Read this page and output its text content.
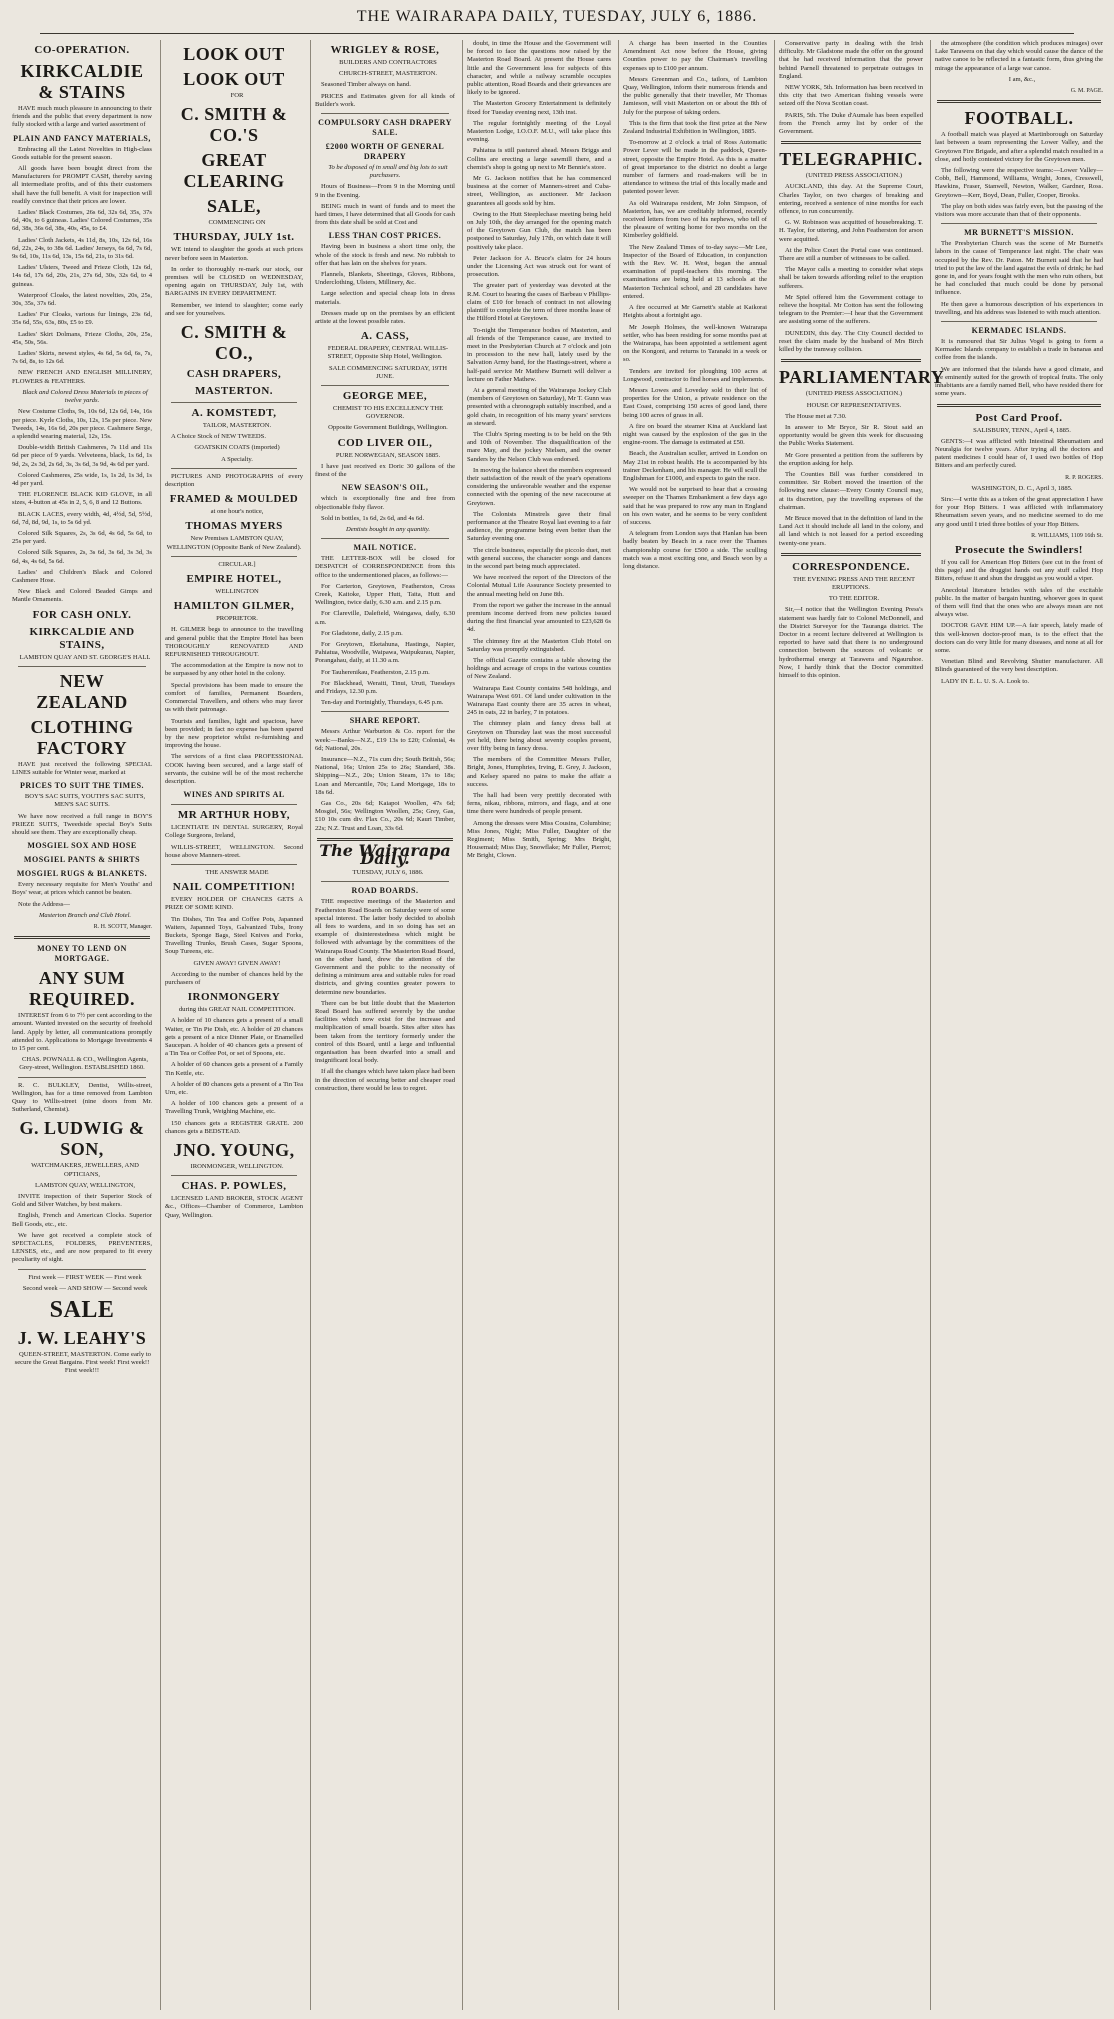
THE WAIRARAPA DAILY, TUESDAY, JULY 6, 1886.
CO-OPERATION.
KIRKCALDIE & STAINS

HAVE much much pleasure in announcing to their friends and the public that every department is now fully stocked with a large and varied assortment of

PLAIN AND FANCY MATERIALS,

Embracing all the Latest Novelties in High-class Goods suitable for the present season.

All goods have been bought direct from the Manufacturers for PROMPT CASH, thereby saving all intermediate profits, and of this their customers shall have the full benefit. A visit for inspection will readily convince that their prices are lower.

Ladies' Black Costumes, 26s 6d, 32s 6d, 35s, 37s 6d, 40s, to 6 guineas. Ladies' Colored Costumes, 35s 6d, 38s, 36s 6d, 38s, 40s, 45s, to £4.

Ladies' Cloth Jackets, 4s 11d, 8s, 10s, 12s 6d, 16s 6d, 22s, 24s, to 38s 6d. Ladies' Jerseys, 6s 6d, 7s 6d, 9s 6d, 10s, 11s 6d, 13s, 15s 6d, 21s, to 31s 6d.

Ladies' Ulsters, Tweed and Frieze Cloth, 12s 6d, 14s 6d, 17s 6d, 20s, 21s, 27s 6d, 30s, 32s 6d, to 4 guineas.

Waterproof Cloaks, the latest novelties, 20s, 25s, 30s, 35s, 37s 6d.

Ladies' Fur Cloaks, various fur linings, 23s 6d, 35s 6d, 55s, 63s, 80s, £5 to £9.

Ladies' Skirt Dolmans, Frieze Cloths, 20s, 25s, 45s, 50s, 56s.

Ladies' Skirts, newest styles, 4s 6d, 5s 6d, 6s, 7s, 7s 6d, 8s, to 12s 6d.

NEW FRENCH AND ENGLISH MILLINERY, FLOWERS & FEATHERS.

Black and Colored Dress Materials in pieces of twelve yards.

New Costume Cloths, 9s, 10s 6d, 12s 6d, 14s, 16s per piece. Kyrle Cloths, 10s, 12s, 15s per piece. New Tweeds, 14s, 16s 6d, 20s per piece. Cashmere Serge, a splendid wearing material, 12s, 15s.

Double-width British Cashmeres, 7s 11d and 11s 6d per piece of 9 yards. Velveteens, black, 1s 6d, 1s 9d, 2s, 2s 3d, 2s 6d, 3s, 3s 6d, 3s 9d, 4s 6d per yard.

Colored Cashmeres, 25s wide, 1s, 1s 2d, 1s 3d, 1s 4d per yard.

THE FLORENCE BLACK KID GLOVE, in all sizes, 4-button at 45s in 2, 5, 6, 8 and 12 Buttons.

BLACK LACES, every width, 4d, 4½d, 5d, 5½d, 6d, 7d, 8d, 9d, 1s, to 5s 6d yd.

Colored Silk Squares, 2s, 3s 6d, 4s 6d, 5s 6d, to 25s per yard.

Colored Silk Squares, 2s, 3s 6d, 3s 6d, 3s 3d, 3s 6d, 4s, 4s 6d, 5s 6d.

Ladies' and Children's Black and Colored Cashmere Hose.

New Black and Colored Beaded Gimps and Mantle Ornaments.

FOR CASH ONLY.
KIRKCALDIE AND STAINS,

LAMBTON QUAY AND ST. GEORGE'S HALL

NEW ZEALAND
CLOTHING FACTORY

HAVE just received the following SPECIAL LINES suitable for Winter wear, marked at

PRICES TO SUIT THE TIMES.

BOY'S SAC SUITS, YOUTH'S SAC SUITS, MEN'S SAC SUITS.

We have now received a full range in BOY'S FRIEZE SUITS, Tweedside special Boy's Suits should see them. They are exceptionally cheap.

MOSGIEL SOX AND HOSE
MOSGIEL PANTS & SHIRTS
MOSGIEL RUGS & BLANKETS.

Every necessary requisite for Men's Youths' and Boys' wear, at prices which cannot be beaten.

Note the Address—

Masterton Branch and Club Hotel.

R. H. SCOTT, Manager.

MONEY TO LEND ON MORTGAGE.
ANY SUM REQUIRED.

INTEREST from 6 to 7½ per cent according to the amount. Wanted invested on the security of freehold land. Apply by letter, all communications promptly attended to. Applications to Mortgage Investments 4 to 15 per cent.

CHAS. POWNALL & CO., Wellington Agents, Grey-street, Wellington. ESTABLISHED 1860.

R. C. BULKLEY, Dentist, Willis-street, Wellington, has for a time removed from Lambton Quay to Willis-street (nine doors from Mr. Sutherland, Chemist).

G. LUDWIG & SON,

WATCHMAKERS, JEWELLERS, AND OPTICIANS,

LAMBTON QUAY, WELLINGTON,

INVITE inspection of their Superior Stock of Gold and Silver Watches, by best makers.

English, French and American Clocks. Superior Bell Goods, etc., etc.

We have got received a complete stock of SPECTACLES, FOLDERS, PREVENTERS, LENSES, etc., and are now prepared to fit every peculiarity of sight.

First week — FIRST WEEK — First week

Second week — AND SHOW — Second week

SALE
J. W. LEAHY'S

QUEEN-STREET, MASTERTON. Come early to secure the Great Bargains. First week! First week!! First week!!!

LOOK OUT
LOOK OUT

FOR

C. SMITH & CO.'S
GREAT CLEARING
SALE,

COMMENCING ON

THURSDAY, JULY 1st.

WE intend to slaughter the goods at such prices never before seen in Masterton.

In order to thoroughly re-mark our stock, our premises will be CLOSED on WEDNESDAY, opening again on THURSDAY, July 1st, with BARGAINS IN EVERY DEPARTMENT.

Remember, we intend to slaughter; come early and see for yourselves.

C. SMITH & CO.,
CASH DRAPERS,
MASTERTON.
A. KOMSTEDT,

TAILOR, MASTERTON.

A Choice Stock of NEW TWEEDS.

GOATSKIN COATS (imported)

A Specialty.

PICTURES AND PHOTOGRAPHS of every description

FRAMED & MOULDED

at one hour's notice,

THOMAS MYERS

New Premises LAMBTON QUAY, WELLINGTON (Opposite Bank of New Zealand).

CIRCULAR.]

EMPIRE HOTEL,

WELLINGTON

HAMILTON GILMER,

PROPRIETOR.

H. GILMER begs to announce to the travelling and general public that the Empire Hotel has been THOROUGHLY RENOVATED AND REFURNISHED THROUGHOUT.

The accommodation at the Empire is now not to be surpassed by any other hotel in the colony.

Special provisions has been made to ensure the comfort of families, Permanent Boarders, Commercial Travellers, and others who may favor us with their patronage.

Tourists and families, light and spacious, have been provided; in fact no expense has been spared by the new proprietor whilst re-furnishing and improving the house.

The services of a first class PROFESSIONAL COOK having been secured, and a large staff of servants, the cuisine will be of the most recherche description.

WINES AND SPIRITS AL
MR ARTHUR HOBY,

LICENTIATE IN DENTAL SURGERY, Royal College Surgeons, Ireland,

WILLIS-STREET, WELLINGTON. Second house above Manners-street.

THE ANSWER MADE

NAIL COMPETITION!

EVERY HOLDER OF CHANCES GETS A PRIZE OF SOME KIND.

Tin Dishes, Tin Tea and Coffee Pots, Japanned Waiters, Japanned Toys, Galvanized Tubs, Irony Buckets, Sponge Bags, Steel Knives and Forks, Travelling Trunks, Brush Cases, Sugar Spoons, Soup Tureens, etc.

GIVEN AWAY! GIVEN AWAY!

According to the number of chances held by the purchasers of

IRONMONGERY

during this GREAT NAIL COMPETITION.

A holder of 10 chances gets a present of a small Waiter, or Tin Pie Dish, etc. A holder of 20 chances gets a present of a nice Dinner Plate, or Enamelled Saucepan. A holder of 40 chances gets a present of a Tin Tea or Coffee Pot, or set of Spoons, etc.

A holder of 60 chances gets a present of a Family Tin Kettle, etc.

A holder of 80 chances gets a present of a Tin Tea Urn, etc.

A holder of 100 chances gets a present of a Travelling Trunk, Weighing Machine, etc.

150 chances gets a REGISTER GRATE. 200 chances gets a BEDSTEAD.

JNO. YOUNG,

IRONMONGER, WELLINGTON.

CHAS. P. POWLES,

LICENSED LAND BROKER, STOCK AGENT &c., Offices—Chamber of Commerce, Lambton Quay, Wellington.

WRIGLEY & ROSE,

BUILDERS AND CONTRACTORS

CHURCH-STREET, MASTERTON.

Seasoned Timber always on hand.

PRICES and Estimates given for all kinds of Builder's work.

COMPULSORY CASH DRAPERY SALE.
£2000 WORTH OF GENERAL DRAPERY

To be disposed of in small and big lots to suit purchasers.

Hours of Business—From 9 in the Morning until 9 in the Evening.

BEING much in want of funds and to meet the hard times, I have determined that all Goods for cash from this date shall be sold at Cost and

LESS THAN COST PRICES.

Having been in business a short time only, the whole of the stock is fresh and new. No rubbish to offer that has lain on the shelves for years.

Flannels, Blankets, Sheetings, Gloves, Ribbons, Underclothing, Ulsters, Millinery, &c.

Large selection and special cheap lots in dress materials.

Dresses made up on the premises by an efficient artiste at the lowest possible rates.

A. CASS,

FEDERAL DRAPERY, CENTRAL WILLIS-STREET, Opposite Ship Hotel, Wellington.

SALE COMMENCING SATURDAY, 19TH JUNE.

GEORGE MEE,

CHEMIST TO HIS EXCELLENCY THE GOVERNOR.

Opposite Government Buildings, Wellington.

COD LIVER OIL,

PURE NORWEGIAN, SEASON 1885.

I have just received ex Doric 30 gallons of the finest of the

NEW SEASON'S OIL,

which is exceptionally fine and free from objectionable fishy flavor.

Sold in bottles, 1s 6d, 2s 6d, and 4s 6d.

Dentists bought in any quantity.

MAIL NOTICE.

THE LETTER-BOX will be closed for DESPATCH of CORRESPONDENCE from this office to the undermentioned places, as follows:—

For Carterton, Greytown, Featherston, Cross Creek, Kaitoke, Upper Hutt, Taita, Hutt and Wellington, twice daily, 6.30 a.m. and 2.15 p.m.

For Clareville, Dalefield, Waingawa, daily, 6.30 a.m.

For Gladstone, daily, 2.15 p.m.

For Greytown, Eketahuna, Hastings, Napier, Pahiatua, Woodville, Waipawa, Waipukurau, Napier, Porangahau, daily, at 11.30 a.m.

For Tauherenikau, Featherston, 2.15 p.m.

For Blackhead, Weraiti, Tinui, Uruti, Tuesdays and Fridays, 12.30 p.m.

Ten-day and Fortnightly, Thursdays, 6.45 p.m.

SHARE REPORT.

Messrs Arthur Warburton & Co. report for the week:—Banks—N.Z., £19 13s to £20; Colonial, 4s 6d; National, 20s.

Insurance—N.Z., 71s cum div; South British, 56s; National, 16s; Union 25s to 26s; Standard, 38s. Shipping—N.Z., 20s; Union Steam, 17s to 18s; Loan and Mercantile, 70s; Land Mortgage, 18s to 18s 6d.

Gas Co., 20s 6d; Kaiapoi Woollen, 47s 6d; Mosgiel, 56s; Wellington Woollen, 25s; Grey, Gas, £10 10s cum div. Flax Co., 20s 6d; Kauri Timber, 22s; N.Z. Trust and Loan, 33s 6d.

The Wairarapa Daily.

TUESDAY, JULY 6, 1886.

ROAD BOARDS.

THE respective meetings of the Masterton and Featherston Road Boards on Saturday were of some special interest. The latter body decided to abolish all fees to wardens, and in so doing has set an example of disinterestedness which might be followed with advantage by the committees of the Wairarapa Road County. The Masterton Road Board, on the other hand, drew the attention of the Government and the public to the necessity of defining a minimum area and suitable rules for road districts, and giving counties greater powers to determine new boundaries.

There can be but little doubt that the Masterton Road Board has suffered severely by the undue facilities which now exist for the increase and multiplication of small boards. Sites after sites has been taken from the territory formerly under the control of this Board, until a large and influential organisation has been dwarfed into a small and insignificant local body.

If all the changes which have taken place had been in the direction of securing better and cheaper road construction, there would be less to regret.

doubt, in time the House and the Government will be forced to face the questions now raised by the Masterton Road Board. At present the House cares little and the Government less for subjects of this character, and while a railway scramble occupies public attention, Road Boards and their grievances are likely to be ignored.

The Masterton Grocery Entertainment is definitely fixed for Tuesday evening next, 13th inst.

The regular fortnightly meeting of the Loyal Masterton Lodge, I.O.O.F. M.U., will take place this evening.

Pahiatua is still pastured ahead. Messrs Briggs and Collins are erecting a large sawmill there, and a chemist's shop is going up next to Mr Bennie's store.

Mr G. Jackson notifies that he has commenced business at the corner of Manners-street and Cuba-street, Wellington, as auctioneer. Mr Jackson guarantees all goods sold by him.

Owing to the Hutt Steeplechase meeting being held on July 10th, the day arranged for the opening match of the Greytown Gun Club, the match has been postponed to Saturday, July 17th, on which date it will positively take place.

Peter Jackson for A. Bruce's claim for 24 hours under the Licensing Act was struck out for want of prosecution.

The greater part of yesterday was devoted at the R.M. Court to hearing the cases of Barbeau v Phillips-claim of £10 for breach of contract in not allowing plaintiff to complete the term of three months lease of the Hilford Hotel at Greytown.

To-night the Temperance bodies of Masterton, and all friends of the Temperance cause, are invited to meet in the Presbyterian Church at 7 o'clock and join in procession to the new hall, lately used by the Salvation Army band, for the Hastings-street, where a half-paid service Mr Matthew Burnett will deliver a lecture on Father Mathew.

At a general meeting of the Wairarapa Jockey Club (members of Greytown on Saturday), Mr T. Gunn was presented with a chronograph suitably inscribed, and a gold chain, in recognition of his many years' services as steward.

The Club's Spring meeting is to be held on the 9th and 10th of November. The disqualification of the mare May, and the jockey Nielsen, and the owner Sanders by the Nelson Club was endorsed.

In moving the balance sheet the members expressed their satisfaction of the result of the year's operations considering the unfavorable weather and the expense connected with the opening of the new racecourse at Greytown.

The Colonists Minstrels gave their final performance at the Theatre Royal last evening to a fair audience, the programme being even better than the Saturday evening one.

The circle business, especially the piccolo duet, met with general success, the character songs and dances in the second part being much appreciated.

We have received the report of the Directors of the Colonial Mutual Life Assurance Society presented to the annual meeting held on June 8th.

From the report we gather the increase in the annual premium income derived from new policies issued during the first financial year amounted to £23,628 6s 4d.

The chimney fire at the Masterton Club Hotel on Saturday was promptly extinguished.

The official Gazette contains a table showing the holdings and acreage of crops in the various counties of New Zealand.

Wairarapa East County contains 548 holdings, and Wairarapa West 691. Of land under cultivation in the Wairarapa East county there are 35 acres in wheat, 245 in oats, 22 in barley, 7 in potatoes.

The chimney plain and fancy dress ball at Greytown on Thursday last was the most successful yet held, there being about seventy couples present, over fifty being in fancy dress.

The members of the Committee Messrs Fuller, Bright, Jones, Humphries, Irving, E. Grey, J. Jackson, and Kelsey spared no pains to make the affair a success.

The hall had been very prettily decorated with ferns, nikau, ribbons, mirrors, and flags, and at one time there were hundreds of people present.

Among the dresses were Miss Cousins, Columbine; Miss Jones, Night; Miss Fuller, Daughter of the Regiment; Miss Smith, Spring; Mrs Bright, Housemaid; Miss Day, Snowflake; Mr Fuller, Pierrot; Mr Bright, Clown.

A charge has been inserted in the Counties Amendment Act now before the House, giving Counties power to pay the Chairman's travelling expenses up to £100 per annum.

Messrs Greenman and Co., tailors, of Lambton Quay, Wellington, inform their numerous friends and the public generally that their traveller, Mr Thomas Jamieson, will visit Masterton on or about the 8th of July for the purpose of taking orders.

This is the firm that took the first prize at the New Zealand Industrial Exhibition in Wellington, 1885.

To-morrow at 2 o'clock a trial of Ross Automatic Power Lever will be made in the paddock, Queen-street, opposite the Empire Hotel. As this is a matter of great importance to the district no doubt a large number of farmers and road-makers will be in attendance to witness the trial of this locally made and patented power lever.

As old Wairarapa resident, Mr John Simpson, of Masterton, has, we are creditably informed, recently received letters from two of his nephews, who tell of the pleasure of writing home for two months on the Kimberley goldfield.

The New Zealand Times of to-day says:—Mr Lee, Inspector of the Board of Education, in conjunction with the Rev. W. H. West, began the annual examination of pupil-teachers this morning. The examinations are being held at 13 schools at the Masterton Technical school, and 28 candidates have entered.

A fire occurred at Mr Garnett's stable at Kaikorai Heights about a fortnight ago.

Mr Joseph Holmes, the well-known Wairarapa settler, who has been residing for some months past at the Wairarapa, has been appointed a settlement agent on the Kongoni, and returns to Taranaki in a week or so.

Tenders are invited for ploughing 100 acres at Longwood, contractor to find horses and implements.

Messrs Lowes and Loveday sold to their list of properties for the Union, a private residence on the East Coast, comprising 150 acres of good land, there being 100 acres of grass in all.

A fire on board the steamer Kina at Auckland last night was caused by the explosion of the gas in the engine-room. The damage is estimated at £50.

Beach, the Australian sculler, arrived in London on May 21st in robust health. He is accompanied by his trainer Deckenham, and his manager. He will scull the Englishman for £1000, and expects to gain the race.

We would not be surprised to hear that a crossing sweeper on the Thames Embankment a few days ago said that he was prepared to row any man in England on his own water, and he seems to be very confident of success.

A telegram from London says that Hanlan has been badly beaten by Beach in a race over the Thames championship course for £500 a side. The sculling match was a most exciting one, and Beach won by a long distance.

Conservative party in dealing with the Irish difficulty. Mr Gladstone made the offer on the ground that he had received information that the power behind Parnell threatened to perpetrate outrages in England.

NEW YORK, 5th. Information has been received in this city that two American fishing vessels were seized off the Nova Scotian coast.

PARIS, 5th. The Duke d'Aumale has been expelled from the French army list by order of the Government.

TELEGRAPHIC.

(UNITED PRESS ASSOCIATION.)

AUCKLAND, this day. At the Supreme Court, Charles Taylor, on two charges of breaking and entering, received a sentence of nine months for each offence, to run concurrently.

G. W. Robinson was acquitted of housebreaking. T. H. Taylor, for uttering, and John Featherston for arson were acquitted.

At the Police Court the Portal case was continued. There are still a number of witnesses to be called.

The Mayor calls a meeting to consider what steps shall be taken towards affording relief to the eruption sufferers.

Mr Spiel offered him the Government cottage to relieve the hospital. Mr Cotton has sent the following telegram to the Premier:—I hear that the Government are assisting some of the sufferers.

DUNEDIN, this day. The City Council decided to reset the claim made by the husband of Mrs Birch killed by the tramway collision.

PARLIAMENTARY

(UNITED PRESS ASSOCIATION.)

HOUSE OF REPRESENTATIVES.

The House met at 7.30.

In answer to Mr Bryce, Sir R. Stout said an opportunity would be given this week for discussing the Public Works Statement.

Mr Gore presented a petition from the sufferers by the eruption asking for help.

The Counties Bill was further considered in committee. Sir Robert moved the insertion of the following new clause:—Every County Council may, at its discretion, pay the travelling expenses of the chairman.

Mr Bruce moved that in the definition of land in the Land Act it should include all land in the colony, and all land which is not leased for a period exceeding twenty-one years.

CORRESPONDENCE.

THE EVENING PRESS AND THE RECENT ERUPTIONS.

TO THE EDITOR.

Sir,—I notice that the Wellington Evening Press's statement was hardly fair to Colonel McDonnell, and the District Surveyor for the Tauranga district. The Doctor in a recent lecture delivered at Wellington is reported to have said that there is no underground connection between the sources of volcanic or hydrothermal energy at Tarawera and Ngauruhoe. Now, I hardly think that the Doctor committed himself to this opinion.

the atmosphere (the condition which produces mirages) over Lake Tarawera on that day which would cause the dance of the native canoe to be reflected in a fantastic form, thus giving the mirage the appearance of a large war canoe.

I am, &c.,

G. M. PAGE.

FOOTBALL.

A football match was played at Martinborough on Saturday last between a team representing the Lower Valley, and the Greytown Fire Brigade, and after a splendid match resulted in a close, and hotly contested victory for the Greytown men.

The following were the respective teams:—Lower Valley—Cobb, Bell, Hammond, Williams, Wright, Jones, Cresswell, Hawkins, Fraser, Stanwell, Newton, Walker, Gardner, Ross. Greytown—Kerr, Boyd, Dean, Fuller, Cooper, Brooks.

The play on both sides was fairly even, but the passing of the visitors was more accurate than that of their opponents.

MR BURNETT'S MISSION.

The Presbyterian Church was the scene of Mr Burnett's labors in the cause of Temperance last night. The chair was occupied by the Rev. Dr. Paton. Mr Burnett said that he had tried to put the law of the land against the evils of drink; he had gone in, and for years fought with the men who ruin others, but he had concluded that much could be done by personal influence.

He then gave a humorous description of his experiences in travelling, and his address was listened to with much attention.

KERMADEC ISLANDS.

It is rumoured that Sir Julius Vogel is going to form a Kermadec Islands company to establish a trade in bananas and coffee from the islands.

We are informed that the islands have a good climate, and are eminently suited for the growth of tropical fruits. The only inhabitants are a family named Bell, who have resided there for some years.

Post Card Proof.

SALISBURY, TENN., April 4, 1885.

GENTS:—I was afflicted with Intestinal Rheumatism and Neuralgia for twelve years. After trying all the doctors and patent medicines I could hear of, I used two bottles of Hop Bitters and am perfectly cured.

R. P. ROGERS.

WASHINGTON, D. C., April 3, 1885.

Sirs:—I write this as a token of the great appreciation I have for your Hop Bitters. I was afflicted with inflammatory Rheumatism seven years, and no medicine seemed to do me any good until I tried three bottles of your Hop Bitters.

R. WILLIAMS, 1109 16th St.

Prosecute the Swindlers!

If you call for American Hop Bitters (see cut in the front of this page) and the druggist hands out any stuff called Hop Bitters, refuse it and shun the druggist as you would a viper.

Anecdotal literature bristles with tales of the excitable public. In the matter of bargain hunting, whoever goes in quest of them will find that the ones who are always mean are not always wise.

DOCTOR GAVE HIM UP.—A fair speech, lately made of this well-known doctor-proof man, is to the effect that the doctors can do very little for many diseases, and none at all for some.

Venetian Blind and Revolving Shutter manufacturer. All Blinds guaranteed of the very best description.

LADY IN E. L. U. S. A. Look to.
